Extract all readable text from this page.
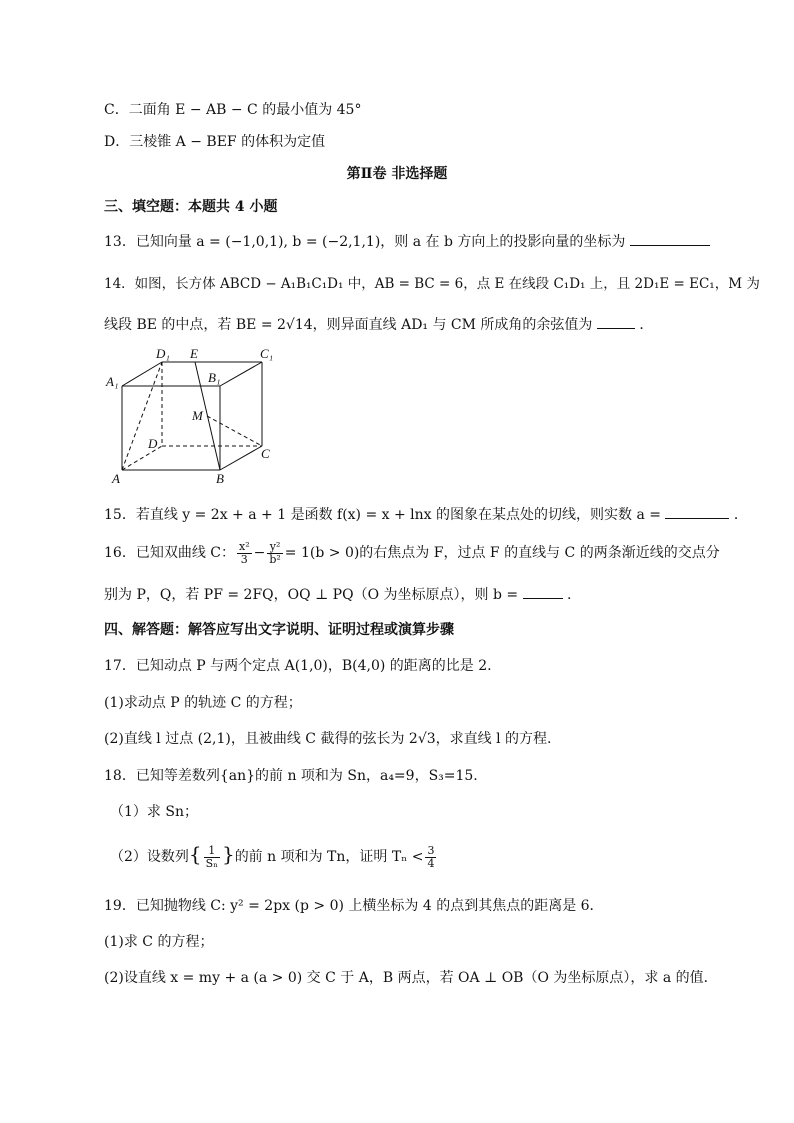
C．二面角 E − AB − C 的最小值为 45°
D．三棱锥 A − BEF 的体积为定值
第Ⅱ卷 非选择题
三、填空题：本题共 4 小题
13．已知向量 a = (−1,0,1), b = (−2,1,1)，则 a 在 b 方向上的投影向量的坐标为
14．如图，长方体 ABCD − A₁B₁C₁D₁ 中，AB = BC = 6，点 E 在线段 C₁D₁ 上，且 2D₁E = EC₁，M 为
线段 BE 的中点，若 BE = 2√14，则异面直线 AD₁ 与 CM 所成角的余弦值为	．
D₁ E	C₁
A₁	B₁
M
D
C
A	B
15．若直线 y = 2x + a + 1 是函数 f(x) = x + lnx 的图象在某点处的切线，则实数 a =	．
16．已知双曲线 C： $\frac{\text{x²}}{3} - \frac{\text{y²}}{\text{b²}} = 1(b > 0)$的右焦点为 F，过点 F 的直线与 C 的两条渐近线的交点分
别为 P，Q，若 PF = 2FQ，OQ ⊥ PQ（O 为坐标原点），则 b =	.
四、解答题：解答应写出文字说明、证明过程或演算步骤
17．已知动点 P 与两个定点 A(1,0)，B(4,0) 的距离的比是 2.
(1)求动点 P 的轨迹 C 的方程；
(2)直线 l 过点 (2,1)，且被曲线 C 截得的弦长为 2√3，求直线 l 的方程.
18．已知等差数列{an}的前 n 项和为 Sn，a₄=9，S₃=15.
（1）求 Sn；
（2）设数列{ $\frac{1}{\text{Sₙ}}$ }的前 n 项和为 Tn，证明 $T_n < \frac{3}{4}$
19．已知抛物线 C: y² = 2px (p > 0) 上横坐标为 4 的点到其焦点的距离是 6．
(1)求 C 的方程；
(2)设直线 x = my + a (a > 0) 交 C 于 A，B 两点，若 OA ⊥ OB（O 为坐标原点），求 a 的值．
